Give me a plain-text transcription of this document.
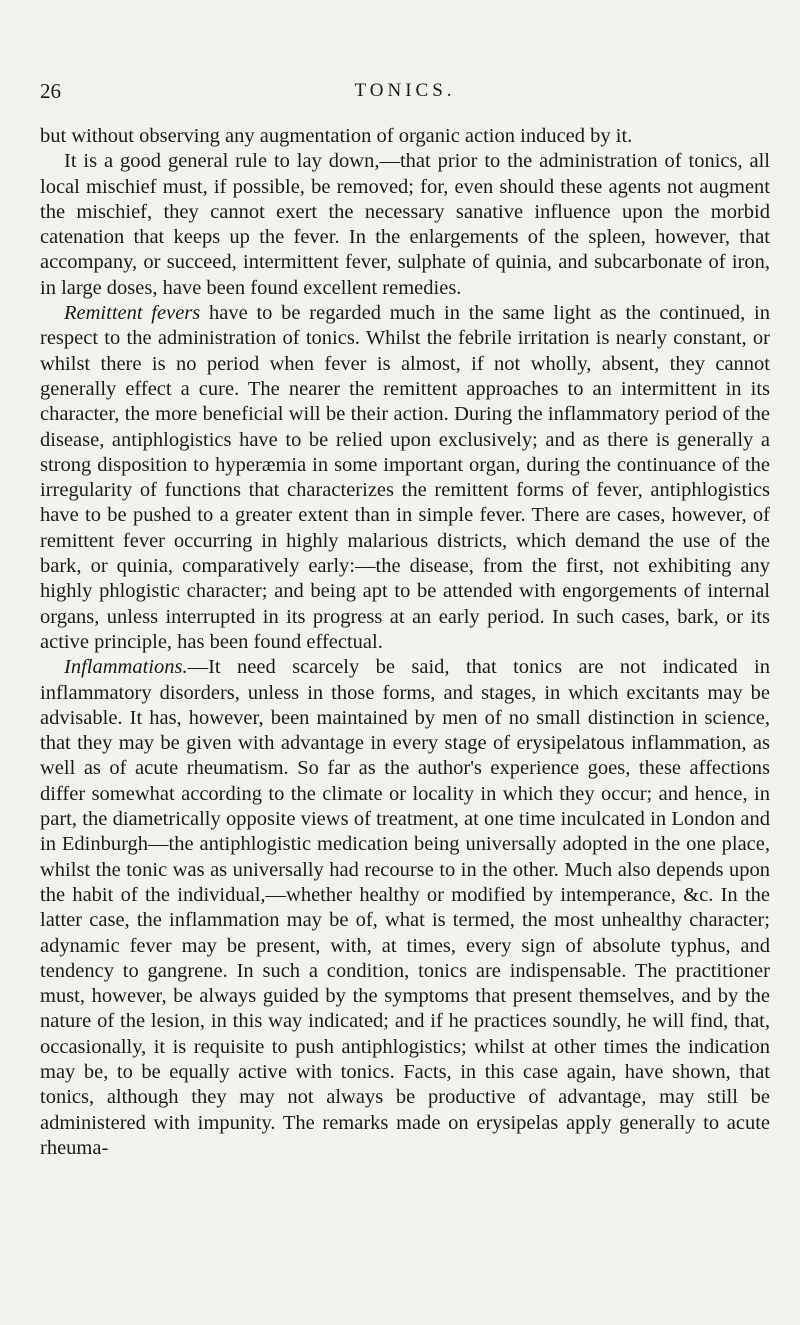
26	TONICS.

but without observing any augmentation of organic action induced by it.

It is a good general rule to lay down,—that prior to the administration of tonics, all local mischief must, if possible, be removed; for, even should these agents not augment the mischief, they cannot exert the necessary sanative influence upon the morbid catenation that keeps up the fever. In the enlargements of the spleen, however, that accompany, or succeed, intermittent fever, sulphate of quinia, and subcarbonate of iron, in large doses, have been found excellent remedies.

Remittent fevers have to be regarded much in the same light as the continued, in respect to the administration of tonics. Whilst the febrile irritation is nearly constant, or whilst there is no period when fever is almost, if not wholly, absent, they cannot generally effect a cure. The nearer the remittent approaches to an intermittent in its character, the more beneficial will be their action. During the inflammatory period of the disease, antiphlogistics have to be relied upon exclusively; and as there is generally a strong disposition to hyperæmia in some important organ, during the continuance of the irregularity of functions that characterizes the remittent forms of fever, antiphlogistics have to be pushed to a greater extent than in simple fever. There are cases, however, of remittent fever occurring in highly malarious districts, which demand the use of the bark, or quinia, comparatively early:—the disease, from the first, not exhibiting any highly phlogistic character; and being apt to be attended with engorgements of internal organs, unless interrupted in its progress at an early period. In such cases, bark, or its active principle, has been found effectual.

Inflammations.—It need scarcely be said, that tonics are not indicated in inflammatory disorders, unless in those forms, and stages, in which excitants may be advisable. It has, however, been maintained by men of no small distinction in science, that they may be given with advantage in every stage of erysipelatous inflammation, as well as of acute rheumatism. So far as the author's experience goes, these affections differ somewhat according to the climate or locality in which they occur; and hence, in part, the diametrically opposite views of treatment, at one time inculcated in London and in Edinburgh—the antiphlogistic medication being universally adopted in the one place, whilst the tonic was as universally had recourse to in the other. Much also depends upon the habit of the individual,—whether healthy or modified by intemperance, &c. In the latter case, the inflammation may be of, what is termed, the most unhealthy character; adynamic fever may be present, with, at times, every sign of absolute typhus, and tendency to gangrene. In such a condition, tonics are indispensable. The practitioner must, however, be always guided by the symptoms that present themselves, and by the nature of the lesion, in this way indicated; and if he practices soundly, he will find, that, occasionally, it is requisite to push antiphlogistics; whilst at other times the indication may be, to be equally active with tonics. Facts, in this case again, have shown, that tonics, although they may not always be productive of advantage, may still be administered with impunity. The remarks made on erysipelas apply generally to acute rheuma-
